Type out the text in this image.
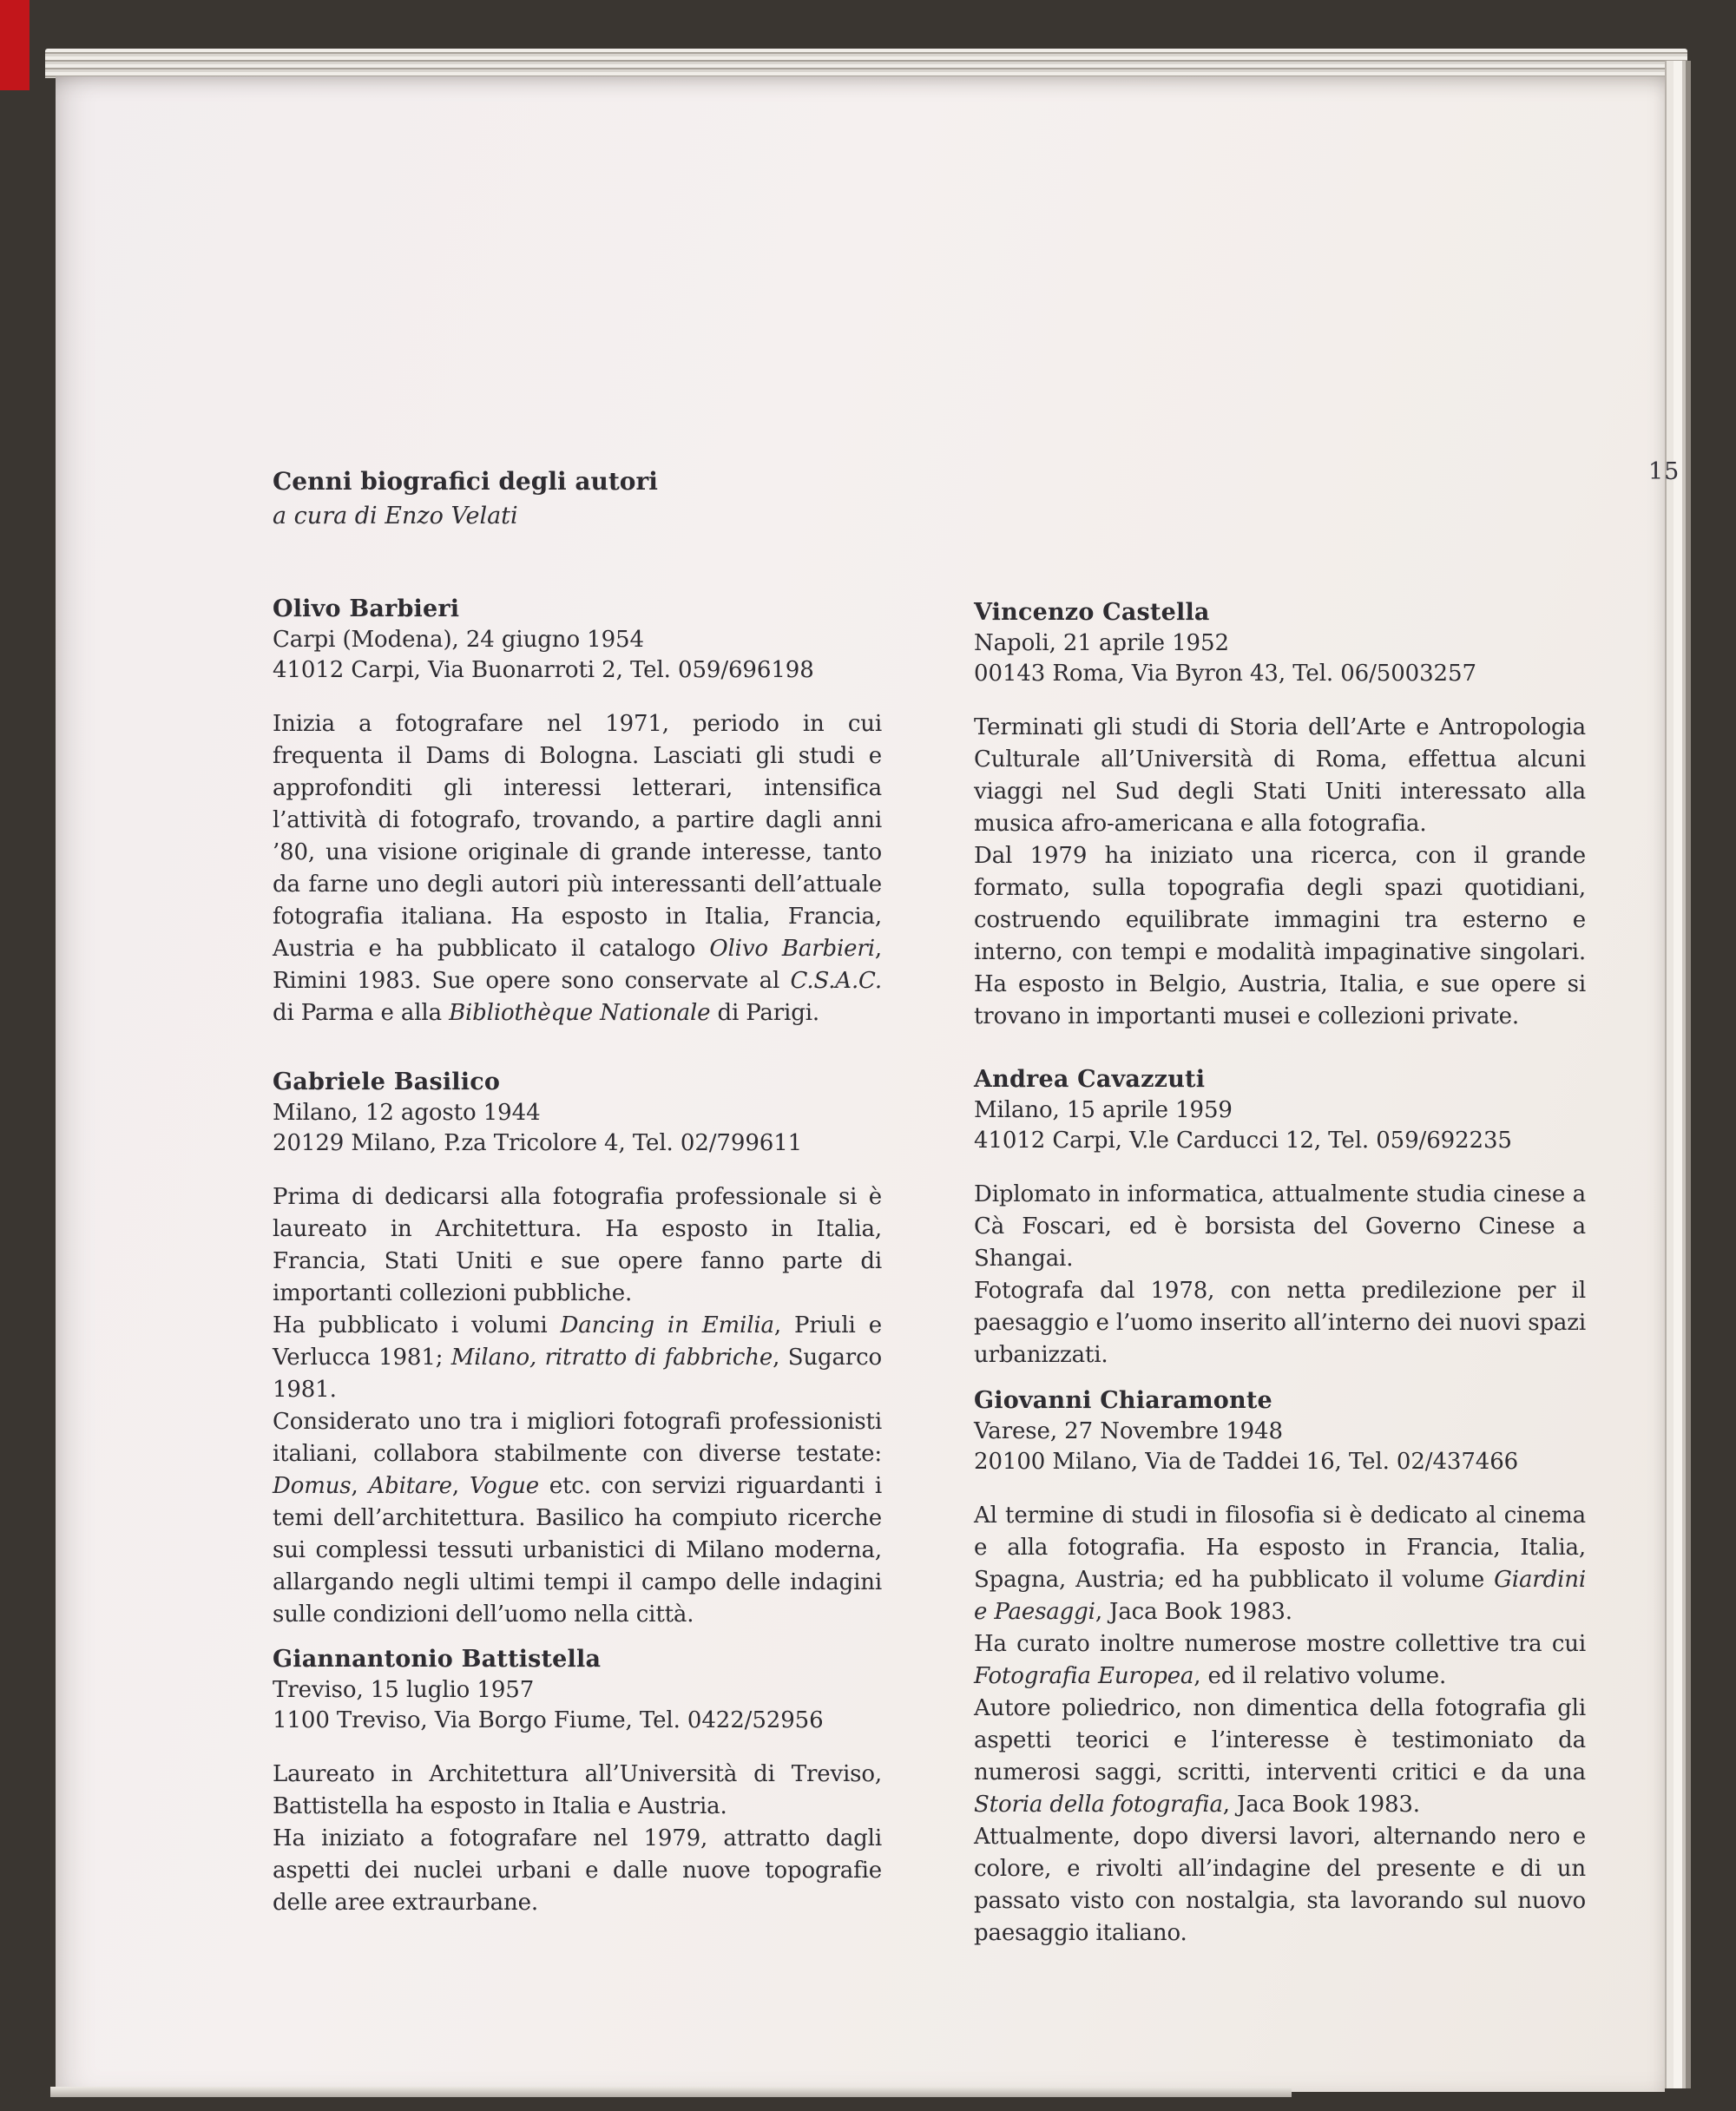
15
Cenni biografici degli autori
a cura di Enzo Velati
Olivo Barbieri
Carpi (Modena), 24 giugno 1954
41012 Carpi, Via Buonarroti 2, Tel. 059/696198

Inizia a fotografare nel 1971, periodo in cui frequenta il Dams di Bologna. Lasciati gli studi e approfonditi gli interessi letterari, intensifica l’attività di fotografo, trovando, a partire dagli anni ’80, una visione originale di grande interesse, tanto da farne uno degli autori più interessanti dell’attuale fotografia italiana. Ha esposto in Italia, Francia, Austria e ha pubblicato il catalogo Olivo Barbieri, Rimini 1983. Sue opere sono conservate al C.S.A.C. di Parma e alla Bibliothèque Nationale di Parigi.

Gabriele Basilico
Milano, 12 agosto 1944
20129 Milano, P.za Tricolore 4, Tel. 02/799611

Prima di dedicarsi alla fotografia professionale si è laureato in Architettura. Ha esposto in Italia, Francia, Stati Uniti e sue opere fanno parte di importanti collezioni pubbliche.

Ha pubblicato i volumi Dancing in Emilia, Priuli e Verlucca 1981; Milano, ritratto di fabbriche, Sugarco 1981.

Considerato uno tra i migliori fotografi professionisti italiani, collabora stabilmente con diverse testate: Domus, Abitare, Vogue etc. con servizi riguardanti i temi dell’architettura. Basilico ha compiuto ricerche sui complessi tessuti urbanistici di Milano moderna, allargando negli ultimi tempi il campo delle indagini sulle condizioni dell’uomo nella città.

Giannantonio Battistella
Treviso, 15 luglio 1957
1100 Treviso, Via Borgo Fiume, Tel. 0422/52956

Laureato in Architettura all’Università di Treviso, Battistella ha esposto in Italia e Austria.

Ha iniziato a fotografare nel 1979, attratto dagli aspetti dei nuclei urbani e dalle nuove topografie delle aree extraurbane.

Vincenzo Castella
Napoli, 21 aprile 1952
00143 Roma, Via Byron 43, Tel. 06/5003257

Terminati gli studi di Storia dell’Arte e Antropologia Culturale all’Università di Roma, effettua alcuni viaggi nel Sud degli Stati Uniti interessato alla musica afro-americana e alla fotografia.

Dal 1979 ha iniziato una ricerca, con il grande formato, sulla topografia degli spazi quotidiani, costruendo equilibrate immagini tra esterno e interno, con tempi e modalità impaginative singolari. Ha esposto in Belgio, Austria, Italia, e sue opere si trovano in importanti musei e collezioni private.

Andrea Cavazzuti
Milano, 15 aprile 1959
41012 Carpi, V.le Carducci 12, Tel. 059/692235

Diplomato in informatica, attualmente studia cinese a Cà Foscari, ed è borsista del Governo Cinese a Shangai.

Fotografa dal 1978, con netta predilezione per il paesaggio e l’uomo inserito all’interno dei nuovi spazi urbanizzati.

Giovanni Chiaramonte
Varese, 27 Novembre 1948
20100 Milano, Via de Taddei 16, Tel. 02/437466

Al termine di studi in filosofia si è dedicato al cinema e alla fotografia. Ha esposto in Francia, Italia, Spagna, Austria; ed ha pubblicato il volume Giardini e Paesaggi, Jaca Book 1983.

Ha curato inoltre numerose mostre collettive tra cui Fotografia Europea, ed il relativo volume.

Autore poliedrico, non dimentica della fotografia gli aspetti teorici e l’interesse è testimoniato da numerosi saggi, scritti, interventi critici e da una Storia della fotografia, Jaca Book 1983.

Attualmente, dopo diversi lavori, alternando nero e colore, e rivolti all’indagine del presente e di un passato visto con nostalgia, sta lavorando sul nuovo paesaggio italiano.
